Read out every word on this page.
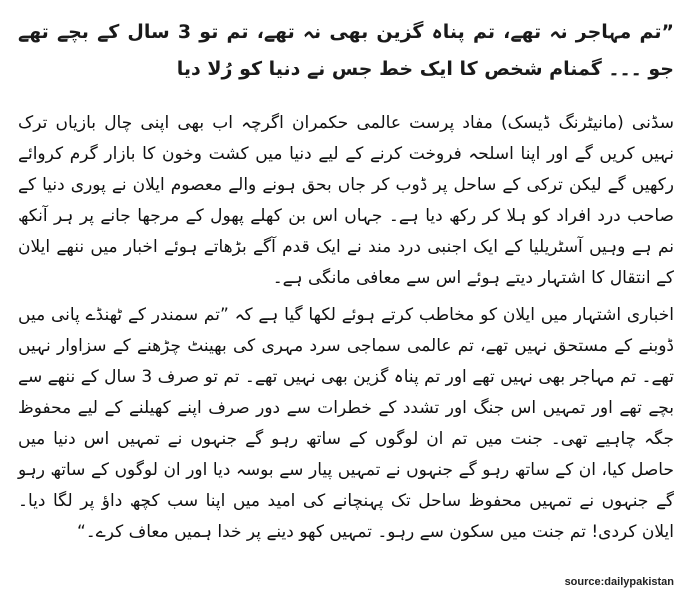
”تم مہاجر نہ تھے، تم پناہ گزین بھی نہ تھے، تم تو 3 سال کے بچے تھے جو ۔۔۔ گمنام شخص کا ایک خط جس نے دنیا کو رُلا دیا

سڈنی (مانیٹرنگ ڈیسک) مفاد پرست عالمی حکمران اگرچہ اب بھی اپنی چال بازیاں ترک نہیں کریں گے اور اپنا اسلحہ فروخت کرنے کے لیے دنیا میں کشت وخون کا بازار گرم کروائے رکھیں گے لیکن ترکی کے ساحل پر ڈوب کر جاں بحق ہونے والے معصوم ایلان نے پوری دنیا کے صاحب درد افراد کو ہلا کر رکھ دیا ہے۔ جہاں اس بن کھلے پھول کے مرجھا جانے پر ہر آنکھ نم ہے وہیں آسٹریلیا کے ایک اجنبی درد مند نے ایک قدم آگے بڑھاتے ہوئے اخبار میں ننھے ایلان کے انتقال کا اشتہار دیتے ہوئے اس سے معافی مانگی ہے۔

اخباری اشتہار میں ایلان کو مخاطب کرتے ہوئے لکھا گیا ہے کہ ”تم سمندر کے ٹھنڈے پانی میں ڈوبنے کے مستحق نہیں تھے، تم عالمی سماجی سرد مہری کی بھینٹ چڑھنے کے سزاوار نہیں تھے۔ تم مہاجر بھی نہیں تھے اور تم پناہ گزین بھی نہیں تھے۔ تم تو صرف 3 سال کے ننھے سے بچے تھے اور تمہیں اس جنگ اور تشدد کے خطرات سے دور صرف اپنے کھیلنے کے لیے محفوظ جگہ چاہیے تھی۔ جنت میں تم ان لوگوں کے ساتھ رہو گے جنہوں نے تمہیں اس دنیا میں حاصل کیا، ان کے ساتھ رہو گے جنہوں نے تمہیں پیار سے بوسہ دیا اور ان لوگوں کے ساتھ رہو گے جنہوں نے تمہیں محفوظ ساحل تک پہنچانے کی امید میں اپنا سب کچھ داؤ پر لگا دیا۔ ایلان کردی! تم جنت میں سکون سے رہو۔ تمہیں کھو دینے پر خدا ہمیں معاف کرے۔“

source:dailypakistan
